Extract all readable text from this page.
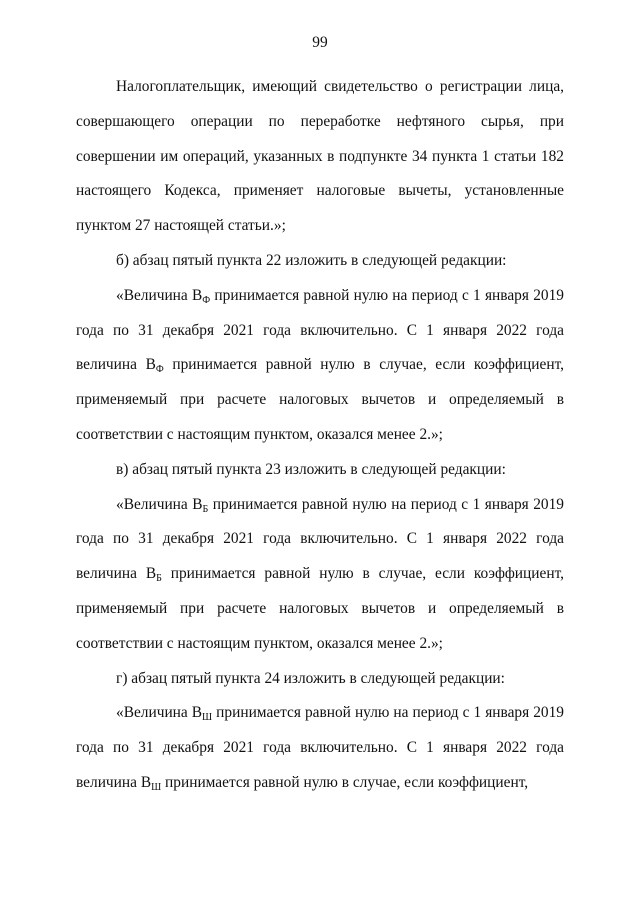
99

Налогоплательщик, имеющий свидетельство о регистрации лица, совершающего операции по переработке нефтяного сырья, при совершении им операций, указанных в подпункте 34 пункта 1 статьи 182 настоящего Кодекса, применяет налоговые вычеты, установленные пунктом 27 настоящей статьи.»;

б) абзац пятый пункта 22 изложить в следующей редакции:

«Величина $В_Ф$ принимается равной нулю на период с 1 января 2019 года по 31 декабря 2021 года включительно. С 1 января 2022 года величина $В_Ф$ принимается равной нулю в случае, если коэффициент, применяемый при расчете налоговых вычетов и определяемый в соответствии с настоящим пунктом, оказался менее 2.»;

в) абзац пятый пункта 23 изложить в следующей редакции:

«Величина $В_Б$ принимается равной нулю на период с 1 января 2019 года по 31 декабря 2021 года включительно. С 1 января 2022 года величина $В_Б$ принимается равной нулю в случае, если коэффициент, применяемый при расчете налоговых вычетов и определяемый в соответствии с настоящим пунктом, оказался менее 2.»;

г) абзац пятый пункта 24 изложить в следующей редакции:

«Величина $В_Ш$ принимается равной нулю на период с 1 января 2019 года по 31 декабря 2021 года включительно. С 1 января 2022 года величина $В_Ш$ принимается равной нулю в случае, если коэффициент,
